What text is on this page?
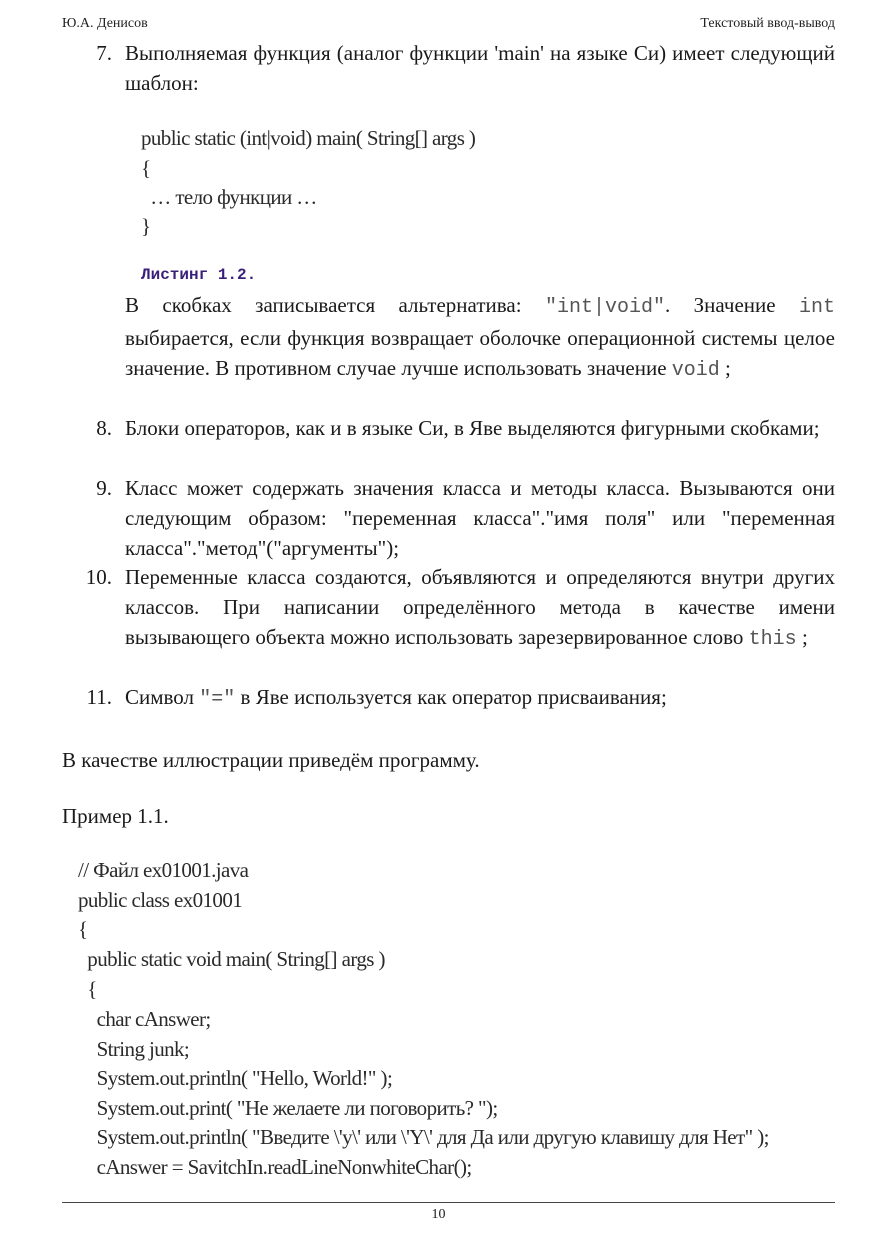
Ю.А. Денисов	Текстовый ввод-вывод
7. Выполняемая функция (аналог функции 'main' на языке Си) имеет следующий шаблон:
public static (int|void) main( String[] args )
{
… тело функции …
}
Листинг 1.2.
В скобках записывается альтернатива: "int|void". Значение int выбирается, если функция возвращает оболочке операционной системы целое значение. В противном случае лучше использовать значение void ;
8. Блоки операторов, как и в языке Си, в Яве выделяются фигурными скобками;
9. Класс может содержать значения класса и методы класса. Вызываются они следующим образом: "переменная класса"."имя поля" или "переменная класса"."метод"("аргументы");
10. Переменные класса создаются, объявляются и определяются внутри других классов. При написании определённого метода в качестве имени вызывающего объекта можно использовать зарезервированное слово this ;
11. Символ "=" в Яве используется как оператор присваивания;
В качестве иллюстрации приведём программу.
Пример 1.1.
// Файл ex01001.java
public class ex01001
{
public static void main( String[] args )
{
char cAnswer;
String junk;
System.out.println( "Hello, World!" );
System.out.print( "Не желаете ли поговорить? ");
System.out.println( "Введите \'y\' или \'Y\' для Да или другую клавишу для Нет" );
cAnswer = SavitchIn.readLineNonwhiteChar();
10
